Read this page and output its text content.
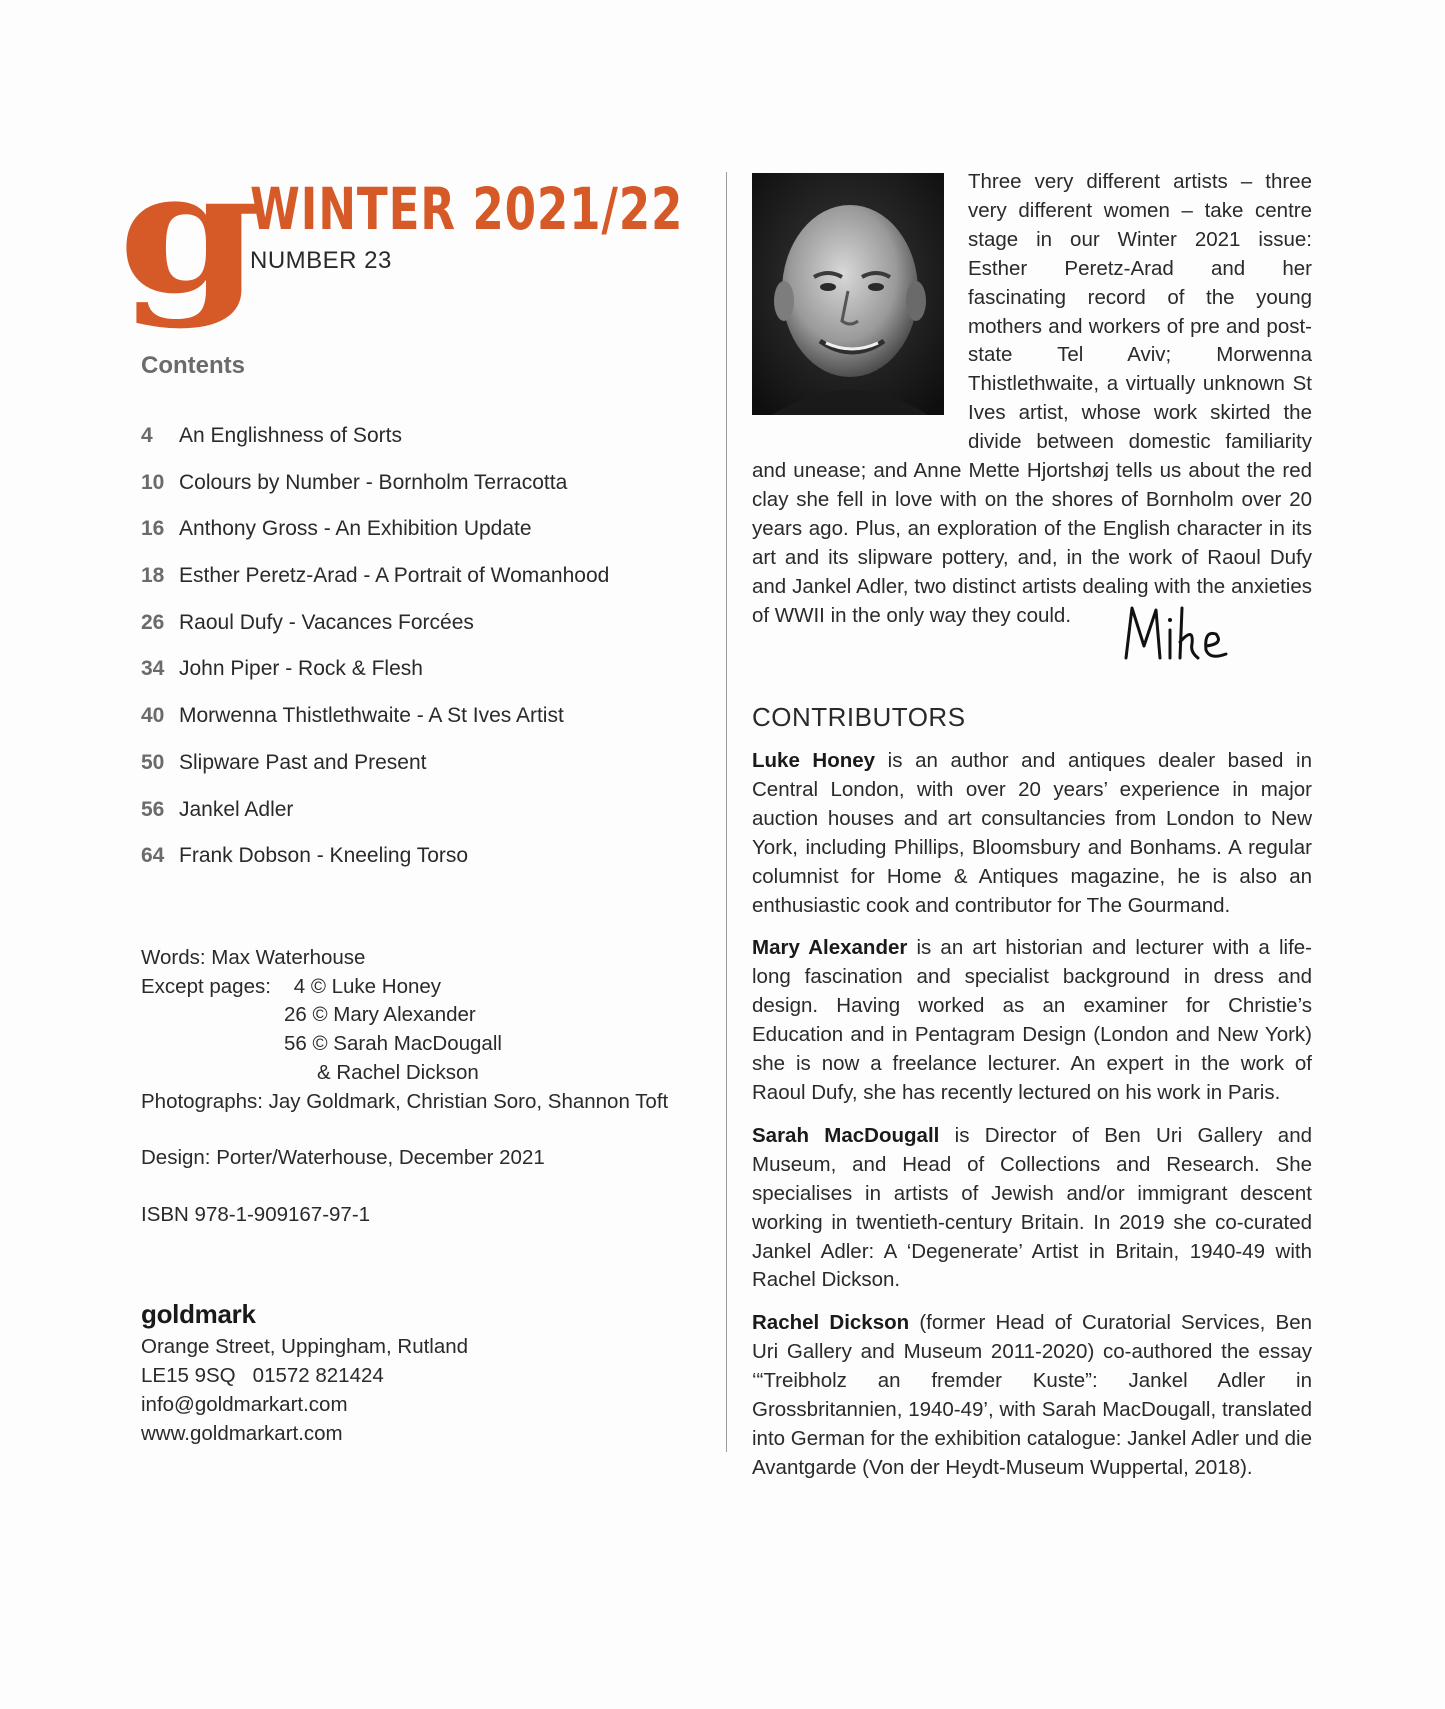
g
WINTER 2021/22
NUMBER 23
Contents
4	An Englishness of Sorts
10 Colours by Number - Bornholm Terracotta
16 Anthony Gross - An Exhibition Update
18 Esther Peretz-Arad - A Portrait of Womanhood
26 Raoul Dufy - Vacances Forcées
34 John Piper - Rock & Flesh
40 Morwenna Thistlethwaite - A St Ives Artist
50 Slipware Past and Present
56 Jankel Adler
64 Frank Dobson - Kneeling Torso
Words: Max Waterhouse
Except pages: 4 © Luke Honey
26 © Mary Alexander
56 © Sarah MacDougall
& Rachel Dickson
Photographs: Jay Goldmark, Christian Soro, Shannon Toft
Design: Porter/Waterhouse, December 2021
ISBN 978-1-909167-97-1
goldmark
Orange Street, Uppingham, Rutland
LE15 9SQ   01572 821424
info@goldmarkart.com
www.goldmarkart.com
Three very different artists – three very different women – take centre stage in our Winter 2021 issue: Esther Peretz-Arad and her fascinating record of the young mothers and workers of pre and post-state Tel Aviv; Morwenna Thistlethwaite, a virtually unknown St Ives artist, whose work skirted the divide between domestic familiarity and unease; and Anne Mette Hjortshøj tells us about the red clay she fell in love with on the shores of Bornholm over 20 years ago. Plus, an exploration of the English character in its art and its slipware pottery, and, in the work of Raoul Dufy and Jankel Adler, two distinct artists dealing with the anxieties of WWII in the only way they could.
CONTRIBUTORS

Luke Honey is an author and antiques dealer based in Central London, with over 20 years’ experience in major auction houses and art consultancies from London to New York, including Phillips, Bloomsbury and Bonhams. A regular columnist for Home & Antiques magazine, he is also an enthusiastic cook and contributor for The Gourmand.

Mary Alexander is an art historian and lecturer with a life-long fascination and specialist background in dress and design. Having worked as an examiner for Christie’s Education and in Pentagram Design (London and New York) she is now a freelance lecturer. An expert in the work of Raoul Dufy, she has recently lectured on his work in Paris.

Sarah MacDougall is Director of Ben Uri Gallery and Museum, and Head of Collections and Research. She specialises in artists of Jewish and/or immigrant descent working in twentieth-century Britain. In 2019 she co-curated Jankel Adler: A ‘Degenerate’ Artist in Britain, 1940-49 with Rachel Dickson.

Rachel Dickson (former Head of Curatorial Services, Ben Uri Gallery and Museum 2011-2020) co-authored the essay ‘“Treibholz an fremder Kuste”: Jankel Adler in Grossbritannien, 1940-49’, with Sarah MacDougall, translated into German for the exhibition catalogue: Jankel Adler und die Avantgarde (Von der Heydt-Museum Wuppertal, 2018).
